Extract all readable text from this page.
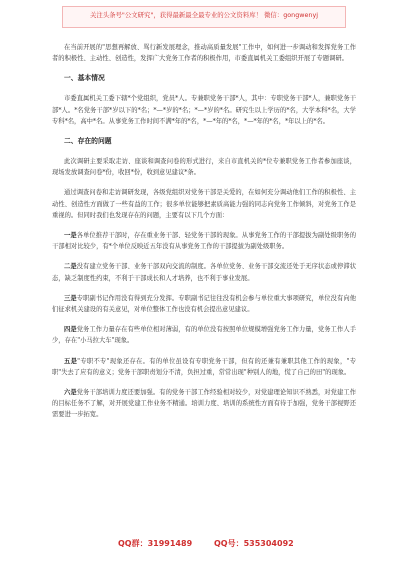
关注头条号"公文研究"，获得最新最全最专业的公文资料库！ 微信：gongwenyj

在当前开展的"思想再解放、骂行新发展理念，推动高质量发展"工作中，如何进一步调动和发挥党务工作者的积极性、主动性、创造性，发挥广大党务工作者的积极作用，市委直属机关工委组织开展了专题调研。

一、基本情况

市委直属机关工委下辖*个党组织，党员*人。专兼职党务干部*人，其中：专职党务干部*人，兼职党务干部*人。*名党务干部*岁以下的*名；*—*岁的*名；*—*岁的*名。研究生以上学历的*名，大学本科*名，大学专科*名，高中*名。从事党务工作时间不满*年的*名，*—*年的*名，*—*年的*名，*年以上的*名。

二、存在的问题

此次调研主要采取走访、座谈和调查问卷的形式进行，来自市直机关的*位专兼职党务工作者参加座谈，现场发放调查问卷*份，收回*份，收到意见建议*条。

通过调查问卷和走访调研发现，各级党组织对党务干部是关爱的，在如何充分调动他们工作的积极性、主动性、创造性方面做了一些有益的工作；很多单位能够把素质高能力强的同志向党务工作倾斜，对党务工作是重视的。但同时我们也发现存在的问题，主要有以下几个方面：

一是各单位推荐干部时，存在重业务干部、轻党务干部的现象。从事党务工作的干部提拔为副处级职务的干部相对比较少，有*个单位反映近五年没有从事党务工作的干部提拔为副处级职务。

二是没有建立党务干部、业务干部双向交流的制度。各单位党务、业务干部交流还处于无序状态或停滞状态，缺乏制度性约束，不利于干部成长和人才培养，也不利于事业发展。

三是专职副书记作用没有得到充分发挥。专职副书记往往没有机会参与单位重大事项研究，单位没有向他们征求机关建设的有关意见，对单位整体工作也没有机会提出意见建议。

四是党务工作力量存在有些单位相对薄弱，有的单位没有按照单位规模增强党务工作力量，党务工作人手少，存在"小马拉大车"现象。

五是"专职不专"现象还存在。有的单位虽设有专职党务干部，但有的还兼有兼职其他工作的现象，"专职"失去了应有的意义；党务干部职责划分不清，负担过重，常常出现"种别人的地，慌了自己的田"的现象。

六是党务干部培训力度还要加强。有的党务干部工作经验相对较少，对党建理论知识不熟悉，对党建工作的目标任务不了解，对开展党建工作业务不精通。培训力度、培训的系统性方面有待于加强，党务干部视野还需要进一步拓宽。

QQ群：31991489	QQ号：535304092
